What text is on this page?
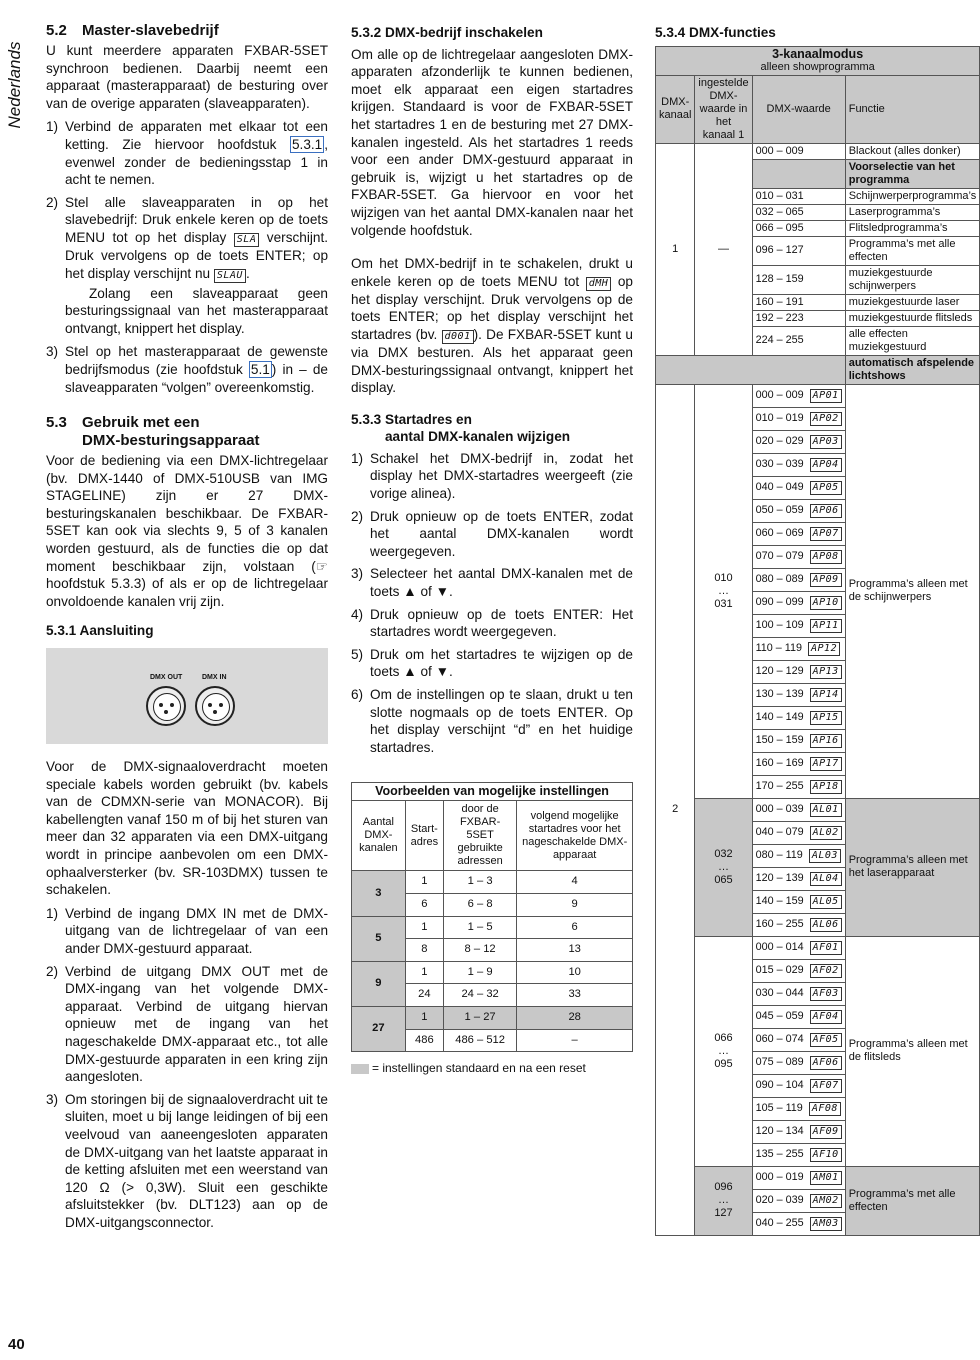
Nederlands
40
5.2 Master-slavebedrijf

U kunt meerdere apparaten FXBAR-5SET synchroon bedienen. Daarbij neemt een apparaat (masterapparaat) de besturing over van de overige apparaten (slaveapparaten).

1) Verbind de apparaten met elkaar tot een ketting. Zie hiervoor hoofdstuk 5.3.1 , evenwel zonder de bedieningsstap 1 in acht te nemen.
2) Stel alle slaveapparaten in op het slavebedrijf: Druk enkele keren op de toets MENU tot op het display SLA verschijnt. Druk vervolgens op de toets ENTER; op het display verschijnt nu SLAU .

Zolang een slaveapparaat geen besturingssignaal van het masterapparaat ontvangt, knippert het display.

3) Stel op het masterapparaat de gewenste bedrijfsmodus (zie hoofdstuk 5.1 ) in – de slaveapparaten “volgen” overeenkomstig.
5.3 Gebruik met een
DMX-besturingsapparaat

Voor de bediening via een DMX-lichtregelaar (bv. DMX-1440 of DMX-510USB van IMG STAGELINE) zijn er 27 DMX-besturingskanalen beschikbaar. De FXBAR-5SET kan ook via slechts 9, 5 of 3 kanalen worden gestuurd, als de functies die op dat moment beschikbaar zijn, volstaan (☞ hoofdstuk 5.3.3) of als er op de lichtregelaar onvoldoende kanalen vrij zijn.

5.3.1 Aansluiting
DMX OUT	DMX IN

Voor de DMX-signaaloverdracht moeten speciale kabels worden gebruikt (bv. kabels van de CDMXN-serie van MONACOR). Bij kabellengten vanaf 150 m of bij het sturen van meer dan 32 apparaten via een DMX-uitgang wordt in principe aanbevolen om een DMX-ophaalversterker (bv. SR-103DMX) tussen te schakelen.

1) Verbind de ingang DMX IN met de DMX-uitgang van de lichtregelaar of van een ander DMX-gestuurd apparaat.
2) Verbind de uitgang DMX OUT met de DMX-ingang van het volgende DMX-apparaat. Verbind de uitgang hiervan opnieuw met de ingang van het nageschakelde DMX-apparaat etc., tot alle DMX-gestuurde apparaten in een kring zijn aangesloten.
3) Om storingen bij de signaaloverdracht uit te sluiten, moet u bij lange leidingen of bij een veelvoud van aaneengesloten apparaten de DMX-uitgang van het laatste apparaat in de ketting afsluiten met een weerstand van 120 Ω (> 0,3W). Sluit een geschikte afsluitstekker (bv. DLT123) aan op de DMX-uitgangsconnector.
5.3.2 DMX-bedrijf inschakelen

Om alle op de lichtregelaar aangesloten DMX-apparaten afzonderlijk te kunnen bedienen, moet elk apparaat een eigen startadres krijgen. Standaard is voor de FXBAR-5SET het startadres 1 en de besturing met 27 DMX-kanalen ingesteld. Als het startadres 1 reeds voor een ander DMX-gestuurd apparaat in gebruik is, wijzigt u het startadres op de FXBAR-5SET. Ga hiervoor en voor het wijzigen van het aantal DMX-kanalen naar het volgende hoofdstuk.

Om het DMX-bedrijf in te schakelen, drukt u enkele keren op de toets MENU tot dMH op het display verschijnt. Druk vervolgens op de toets ENTER; op het display verschijnt het startadres (bv. d001 ). De FXBAR-5SET kunt u via DMX besturen. Als het apparaat geen DMX-besturingssignaal ontvangt, knippert het display.

5.3.3 Startadres en
aantal DMX-kanalen wijzigen
1) Schakel het DMX-bedrijf in, zodat het display het DMX-startadres weergeeft (zie vorige alinea).
2) Druk opnieuw op de toets ENTER, zodat het aantal DMX-kanalen wordt weergegeven.
3) Selecteer het aantal DMX-kanalen met de toets ▲ of ▼.
4) Druk opnieuw op de toets ENTER: Het startadres wordt weergegeven.
5) Druk om het startadres te wijzigen op de toets ▲ of ▼.
6) Om de instellingen op te slaan, drukt u ten slotte nogmaals op de toets ENTER. Op het display verschijnt “d” en het huidige startadres.
Voorbeelden van mogelijke instellingen			
Aantal DMX-kanalen	Start-adres	door de FXBAR-5SET gebruikte adressen	volgend mogelijke startadres voor het nageschakelde DMX-apparaat
3	1	1 – 3	4
	6	6 – 8	9
5	1	1 – 5	6
	8	8 – 12	13
9	1	1 – 9	10
	24	24 – 32	33
27	1	1 – 27	28
	486	486 – 512	–
= instellingen standaard en na een reset
5.3.4 DMX-functies
3-kanaalmodus
alleen showprogramma			

DMX-kanaal	ingestelde DMX-waarde in het kanaal 1	DMX-waarde	Functie
1	—	000 – 009	Blackout (alles donker)
			Voorselectie van het programma
		010 – 031	Schijnwerperprogramma’s
		032 – 065	Laserprogramma’s
		066 – 095	Flitsledprogramma’s
		096 – 127	Programma’s met alle effecten
		128 – 159	muziekgestuurde schijnwerpers
		160 – 191	muziekgestuurde laser
		192 – 223	muziekgestuurde flitsleds
		224 – 255	alle effecten muziekgestuurd
			automatisch afspelende lichtshows
2	010
…
031	000 – 009 AP01	Programma’s alleen met de schijnwerpers
		010 – 019 AP02	
		020 – 029 AP03	
		030 – 039 AP04	
		040 – 049 AP05	
		050 – 059 AP06	
		060 – 069 AP07	
		070 – 079 AP08	
		080 – 089 AP09	
		090 – 099 AP10	
		100 – 109 AP11	
		110 – 119 AP12	
		120 – 129 AP13	
		130 – 139 AP14	
		140 – 149 AP15	
		150 – 159 AP16	
		160 – 169 AP17	
		170 – 255 AP18	

	032
…
065	000 – 039 AL01	Programma’s alleen met het laserapparaat
		040 – 079 AL02	
		080 – 119 AL03	
		120 – 139 AL04	
		140 – 159 AL05	
		160 – 255 AL06	

	066
…
095	000 – 014 AF01	Programma’s alleen met de flitsleds
		015 – 029 AF02	
		030 – 044 AF03	
		045 – 059 AF04	
		060 – 074 AF05	
		075 – 089 AF06	
		090 – 104 AF07	
		105 – 119 AF08	
		120 – 134 AF09	
		135 – 255 AF10	

	096
…
127	000 – 019 AM01	Programma’s met alle effecten
		020 – 039 AM02	
		040 – 255 AM03	
